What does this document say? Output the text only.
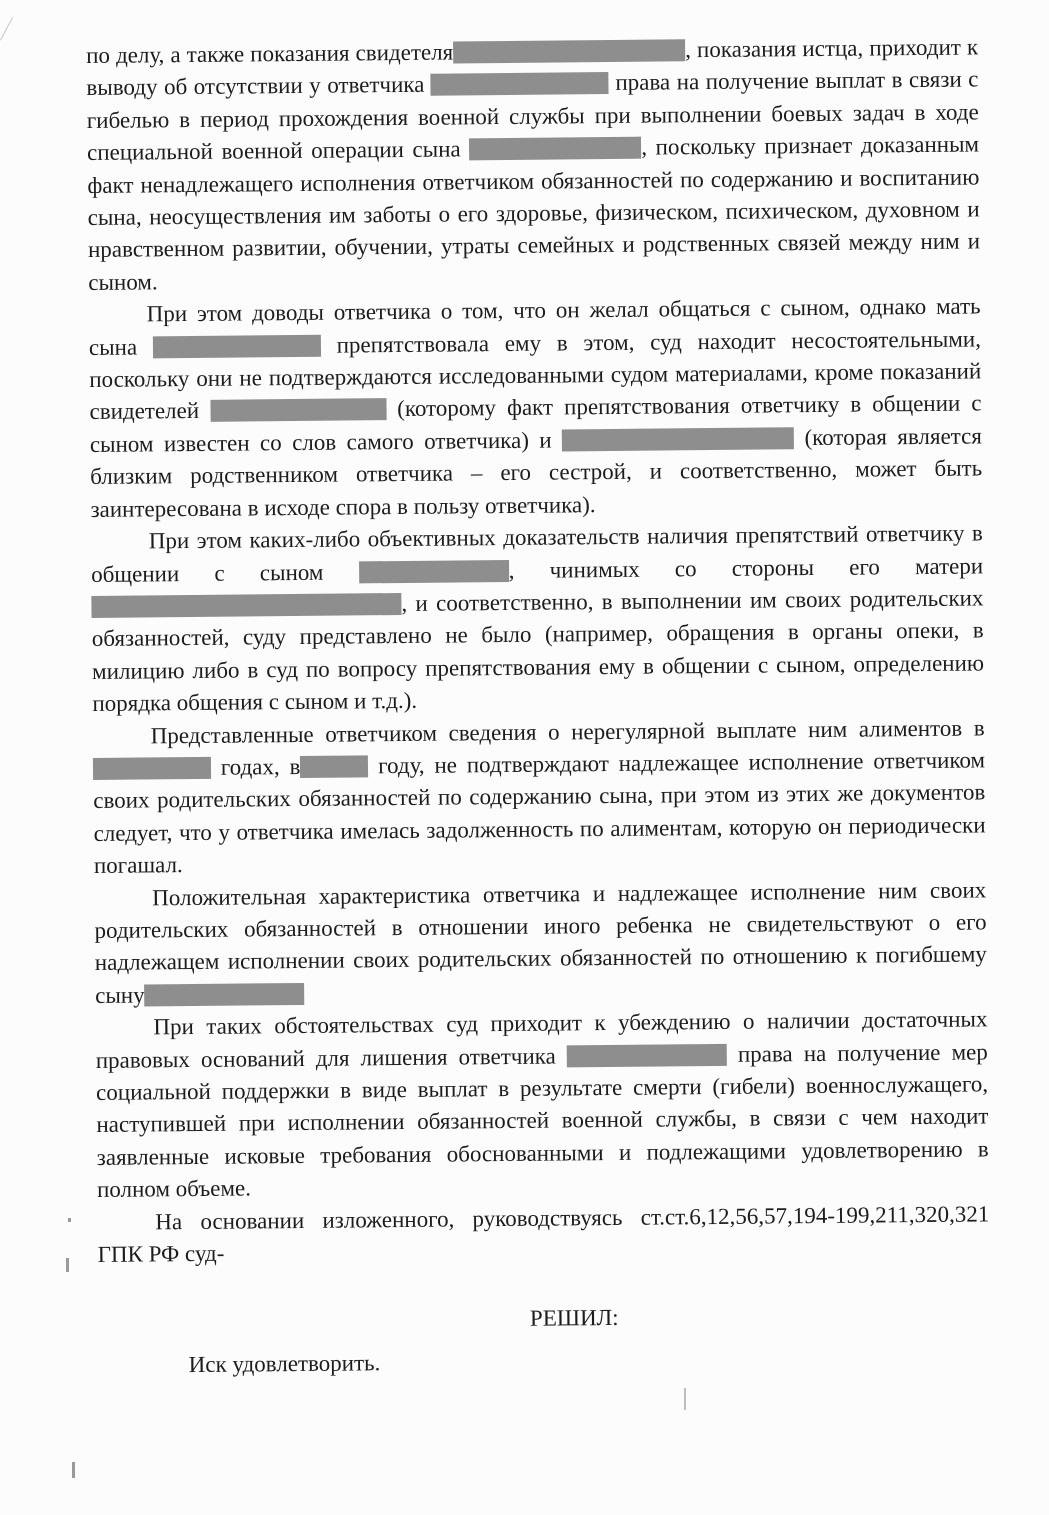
по делу, а также показания свидетеля	, показания истца, приходит к выводу об отсутствии у ответчика	права на получение выплат в связи с гибелью в период прохождения военной службы при выполнении боевых задач в ходе специальной военной операции сына	, поскольку признает доказанным факт ненадлежащего исполнения ответчиком обязанностей по содержанию и воспитанию сына, неосуществления им заботы о его здоровье, физическом, психическом, духовном и нравственном развитии, обучении, утраты семейных и родственных связей между ним и сыном.

При этом доводы ответчика о том, что он желал общаться с сыном, однако мать сына	препятствовала ему в этом, суд находит несостоятельными, поскольку они не подтверждаются исследованными судом материалами, кроме показаний свидетелей	(которому факт препятствования ответчику в общении с сыном известен со слов самого ответчика) и	(которая является близким родственником ответчика – его сестрой, и соответственно, может быть заинтересована в исходе спора в пользу ответчика).

При этом каких-либо объективных доказательств наличия препятствий ответчику в общении с сыном	, чинимых со стороны его матери , и соответственно, в выполнении им своих родительских обязанностей, суду представлено не было (например, обращения в органы опеки, в милицию либо в суд по вопросу препятствования ему в общении с сыном, определению порядка общения с сыном и т.д.).

Представленные ответчиком сведения о нерегулярной выплате ним алиментов в  годах, в	году, не подтверждают надлежащее исполнение ответчиком своих родительских обязанностей по содержанию сына, при этом из этих же документов следует, что у ответчика имелась задолженность по алиментам, которую он периодически погашал.

Положительная характеристика ответчика и надлежащее исполнение ним своих родительских обязанностей в отношении иного ребенка не свидетельствуют о его надлежащем исполнении своих родительских обязанностей по отношению к погибшему сыну

При таких обстоятельствах суд приходит к убеждению о наличии достаточных правовых оснований для лишения ответчика	права на получение мер социальной поддержки в виде выплат в результате смерти (гибели) военнослужащего, наступившей при исполнении обязанностей военной службы, в связи с чем находит заявленные исковые требования обоснованными и подлежащими удовлетворению в полном объеме.

На основании изложенного, руководствуясь ст.ст.6,12,56,57,194-199,211,320,321 ГПК РФ суд-

РЕШИЛ:

Иск удовлетворить.
